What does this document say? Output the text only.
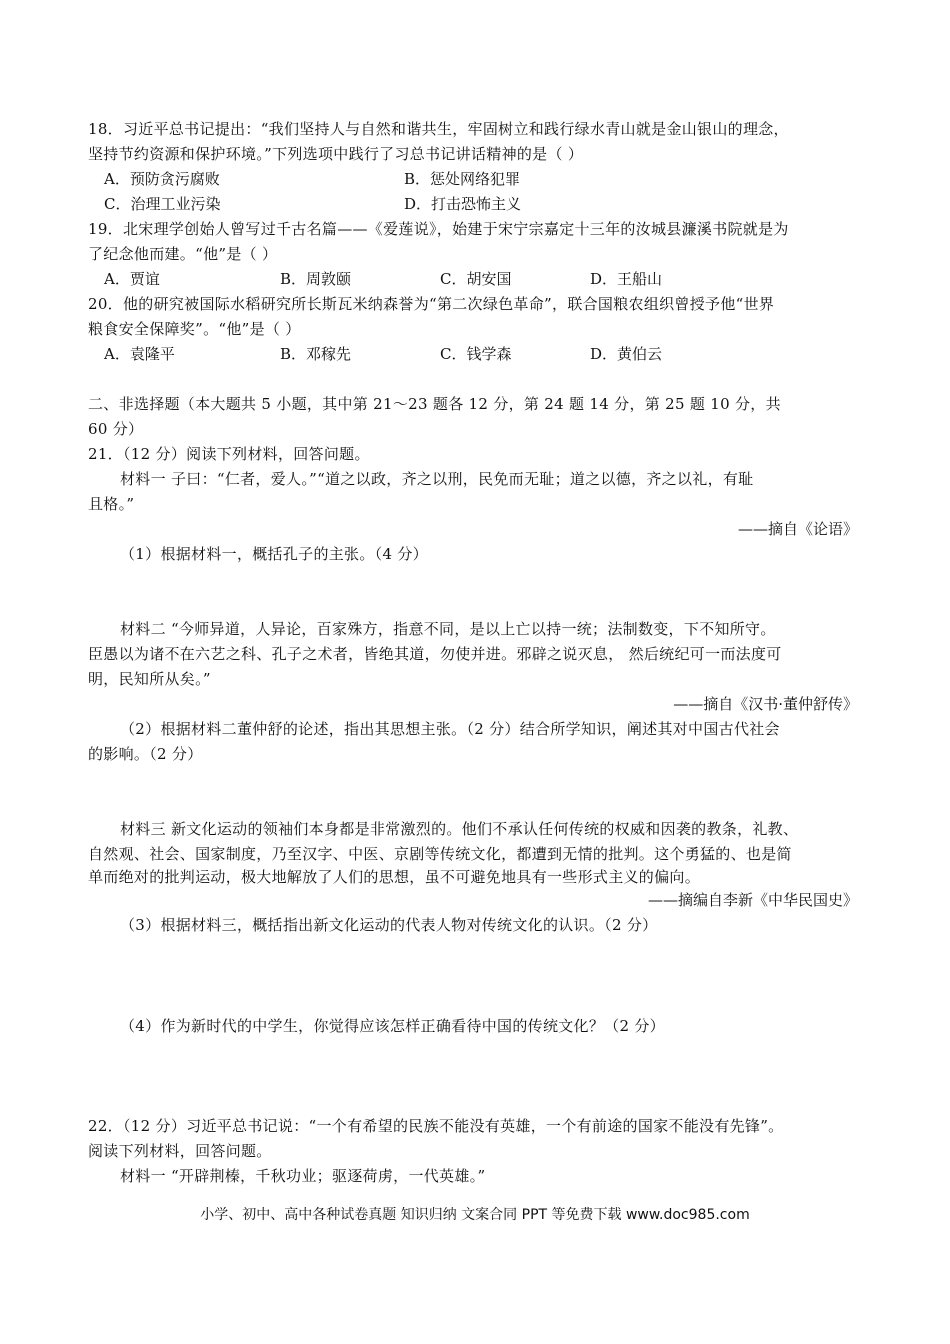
18．习近平总书记提出：“我们坚持人与自然和谐共生，牢固树立和践行绿水青山就是金山银山的理念，
坚持节约资源和保护环境。”下列选项中践行了习总书记讲话精神的是（ ）
A．预防贪污腐败	B．惩处网络犯罪
C．治理工业污染	D．打击恐怖主义
19．北宋理学创始人曾写过千古名篇——《爱莲说》，始建于宋宁宗嘉定十三年的汝城县濂溪书院就是为
了纪念他而建。“他”是（ ）
A．贾谊	B．周敦颐	C．胡安国	D．王船山
20．他的研究被国际水稻研究所长斯瓦米纳森誉为“第二次绿色革命”，联合国粮农组织曾授予他“世界
粮食安全保障奖”。“他”是（ ）
A．袁隆平	B．邓稼先	C．钱学森	D．黄伯云
二、非选择题（本大题共 5 小题，其中第 21～23 题各 12 分，第 24 题 14 分，第 25 题 10 分，共
60 分）
21．（12 分）阅读下列材料，回答问题。
材料一 子曰：“仁者，爱人。”“道之以政，齐之以刑，民免而无耻；道之以德，齐之以礼，有耻
且格。”
——摘自《论语》
（1）根据材料一，概括孔子的主张。（4 分）
材料二 “今师异道，人异论，百家殊方，指意不同，是以上亡以持一统；法制数变，下不知所守。
臣愚以为诸不在六艺之科、孔子之术者，皆绝其道，勿使并进。邪辟之说灭息， 然后统纪可一而法度可
明，民知所从矣。”
——摘自《汉书·董仲舒传》
（2）根据材料二董仲舒的论述，指出其思想主张。（2 分）结合所学知识，阐述其对中国古代社会
的影响。（2 分）
材料三 新文化运动的领袖们本身都是非常激烈的。他们不承认任何传统的权威和因袭的教条，礼教、
自然观、社会、国家制度，乃至汉字、中医、京剧等传统文化，都遭到无情的批判。这个勇猛的、也是简
单而绝对的批判运动，极大地解放了人们的思想，虽不可避免地具有一些形式主义的偏向。
——摘编自李新《中华民国史》
（3）根据材料三，概括指出新文化运动的代表人物对传统文化的认识。（2 分）
（4）作为新时代的中学生，你觉得应该怎样正确看待中国的传统文化？（2 分）
22．（12 分）习近平总书记说：“一个有希望的民族不能没有英雄，一个有前途的国家不能没有先锋”。
阅读下列材料，回答问题。
材料一 “开辟荆榛，千秋功业；驱逐荷虏，一代英雄。”
小学、初中、高中各种试卷真题 知识归纳 文案合同 PPT 等免费下载 www.doc985.com
